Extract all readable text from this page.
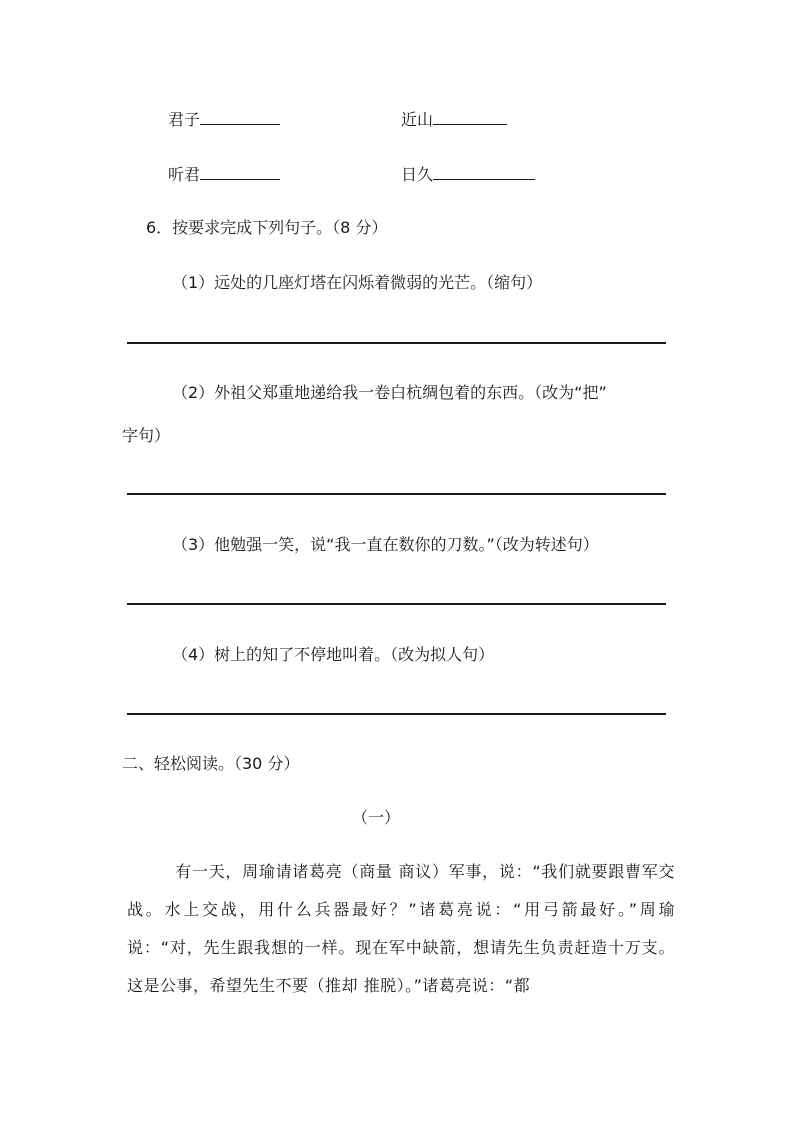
君子	近山
听君	日久
6．按要求完成下列句子。（8 分）
（1）远处的几座灯塔在闪烁着微弱的光芒。（缩句）
（2）外祖父郑重地递给我一卷白杭绸包着的东西。（改为“把”
字句）
（3）他勉强一笑，说“我一直在数你的刀数。”（改为转述句）
（4）树上的知了不停地叫着。（改为拟人句）
二、轻松阅读。（30 分）
（一）
有一天，周瑜请诸葛亮（商量 商议）军事，说：“我们就要跟曹军交战。水上交战，用什么兵器最好？”诸葛亮说：“用弓箭最好。”周瑜说：“对，先生跟我想的一样。现在军中缺箭，想请先生负责赶造十万支。这是公事，希望先生不要（推却 推脱）。”诸葛亮说：“都
